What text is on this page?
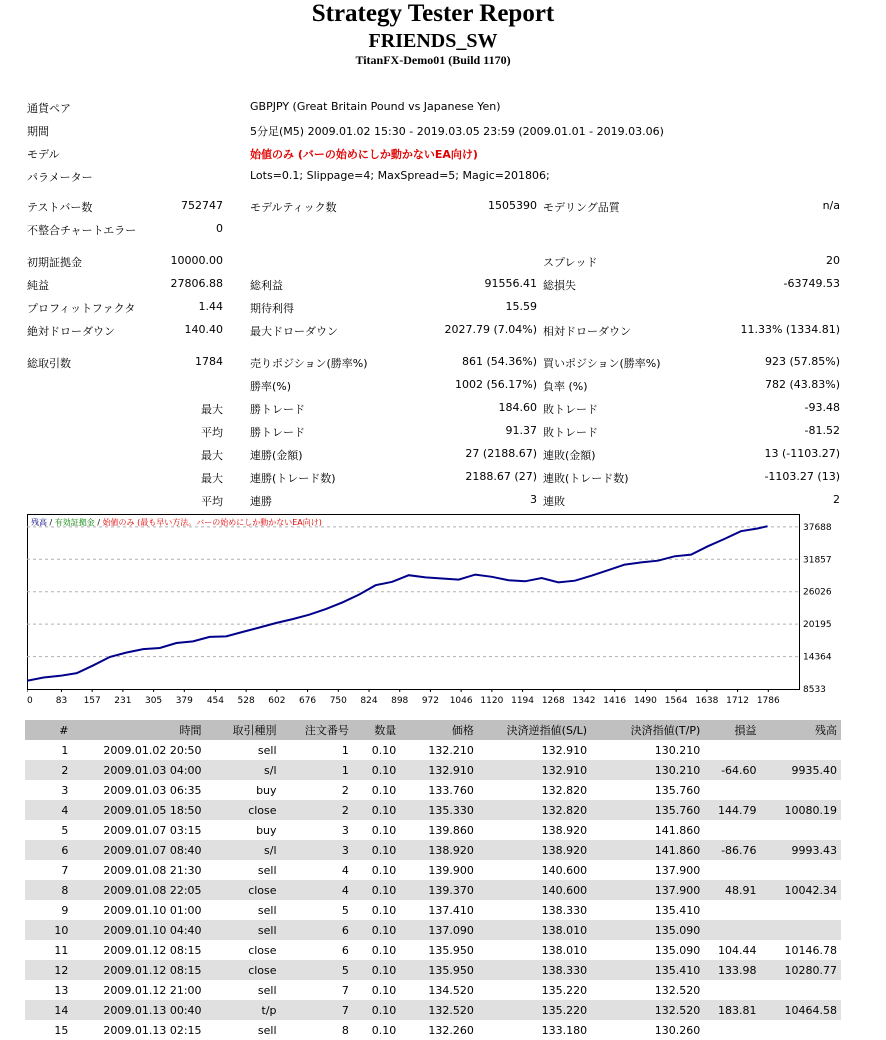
Strategy Tester Report
FRIENDS_SW
TitanFX-Demo01 (Build 1170)
通貨ペア	GBPJPY (Great Britain Pound vs Japanese Yen)
期間	5分足(M5) 2009.01.02 15:30 - 2019.03.05 23:59 (2009.01.01 - 2019.03.06)
モデル	始値のみ (バーの始めにしか動かないEA向け)
パラメーター	Lots=0.1; Slippage=4; MaxSpread=5; Magic=201806;
テストバー数	752747 モデルティック数	1505390 モデリング品質	n/a
不整合チャートエラー	0
初期証拠金	10000.00	スプレッド	20
純益	27806.88 総利益	91556.41 総損失	-63749.53
プロフィットファクタ	1.44 期待利得	15.59
絶対ドローダウン	140.40 最大ドローダウン	2027.79 (7.04%) 相対ドローダウン	11.33% (1334.81)
総取引数	1784 売りポジション(勝率%)	861 (54.36%) 買いポジション(勝率%)	923 (57.85%)
勝率(%)	1002 (56.17%) 負率 (%)	782 (43.83%)
最大 勝トレード	184.60 敗トレード	-93.48
平均 勝トレード	91.37 敗トレード	-81.52
最大 連勝(金額)	27 (2188.67) 連敗(金額)	13 (-1103.27)
最大 連勝(トレード数)	2188.67 (27) 連敗(トレード数)	-1103.27 (13)
平均 連勝	3 連敗	2
37688
31857
26026
20195
14364
8533
0	83 157 231 305 379 454 528 602 676 750 824 898 972 1046 1120 1194 1268 1342 1416 1490 1564 1638 1712 1786
残高 / 有効証拠金 / 始値のみ (最も早い方法。バーの始めにしか動かないEA向け)
#	時間	取引種別	注文番号	数量	価格	決済逆指値(S/L)	決済指値(T/P)	損益	残高
1	2009.01.02 20:50	sell	1	0.10	132.210	132.910	130.210		
2	2009.01.03 04:00	s/l	1	0.10	132.910	132.910	130.210	-64.60	9935.40
3	2009.01.03 06:35	buy	2	0.10	133.760	132.820	135.760		
4	2009.01.05 18:50	close	2	0.10	135.330	132.820	135.760	144.79	10080.19
5	2009.01.07 03:15	buy	3	0.10	139.860	138.920	141.860		
6	2009.01.07 08:40	s/l	3	0.10	138.920	138.920	141.860	-86.76	9993.43
7	2009.01.08 21:30	sell	4	0.10	139.900	140.600	137.900		
8	2009.01.08 22:05	close	4	0.10	139.370	140.600	137.900	48.91	10042.34
9	2009.01.10 01:00	sell	5	0.10	137.410	138.330	135.410		
10	2009.01.10 04:40	sell	6	0.10	137.090	138.010	135.090		
11	2009.01.12 08:15	close	6	0.10	135.950	138.010	135.090	104.44	10146.78
12	2009.01.12 08:15	close	5	0.10	135.950	138.330	135.410	133.98	10280.77
13	2009.01.12 21:00	sell	7	0.10	134.520	135.220	132.520		
14	2009.01.13 00:40	t/p	7	0.10	132.520	135.220	132.520	183.81	10464.58
15	2009.01.13 02:15	sell	8	0.10	132.260	133.180	130.260		
